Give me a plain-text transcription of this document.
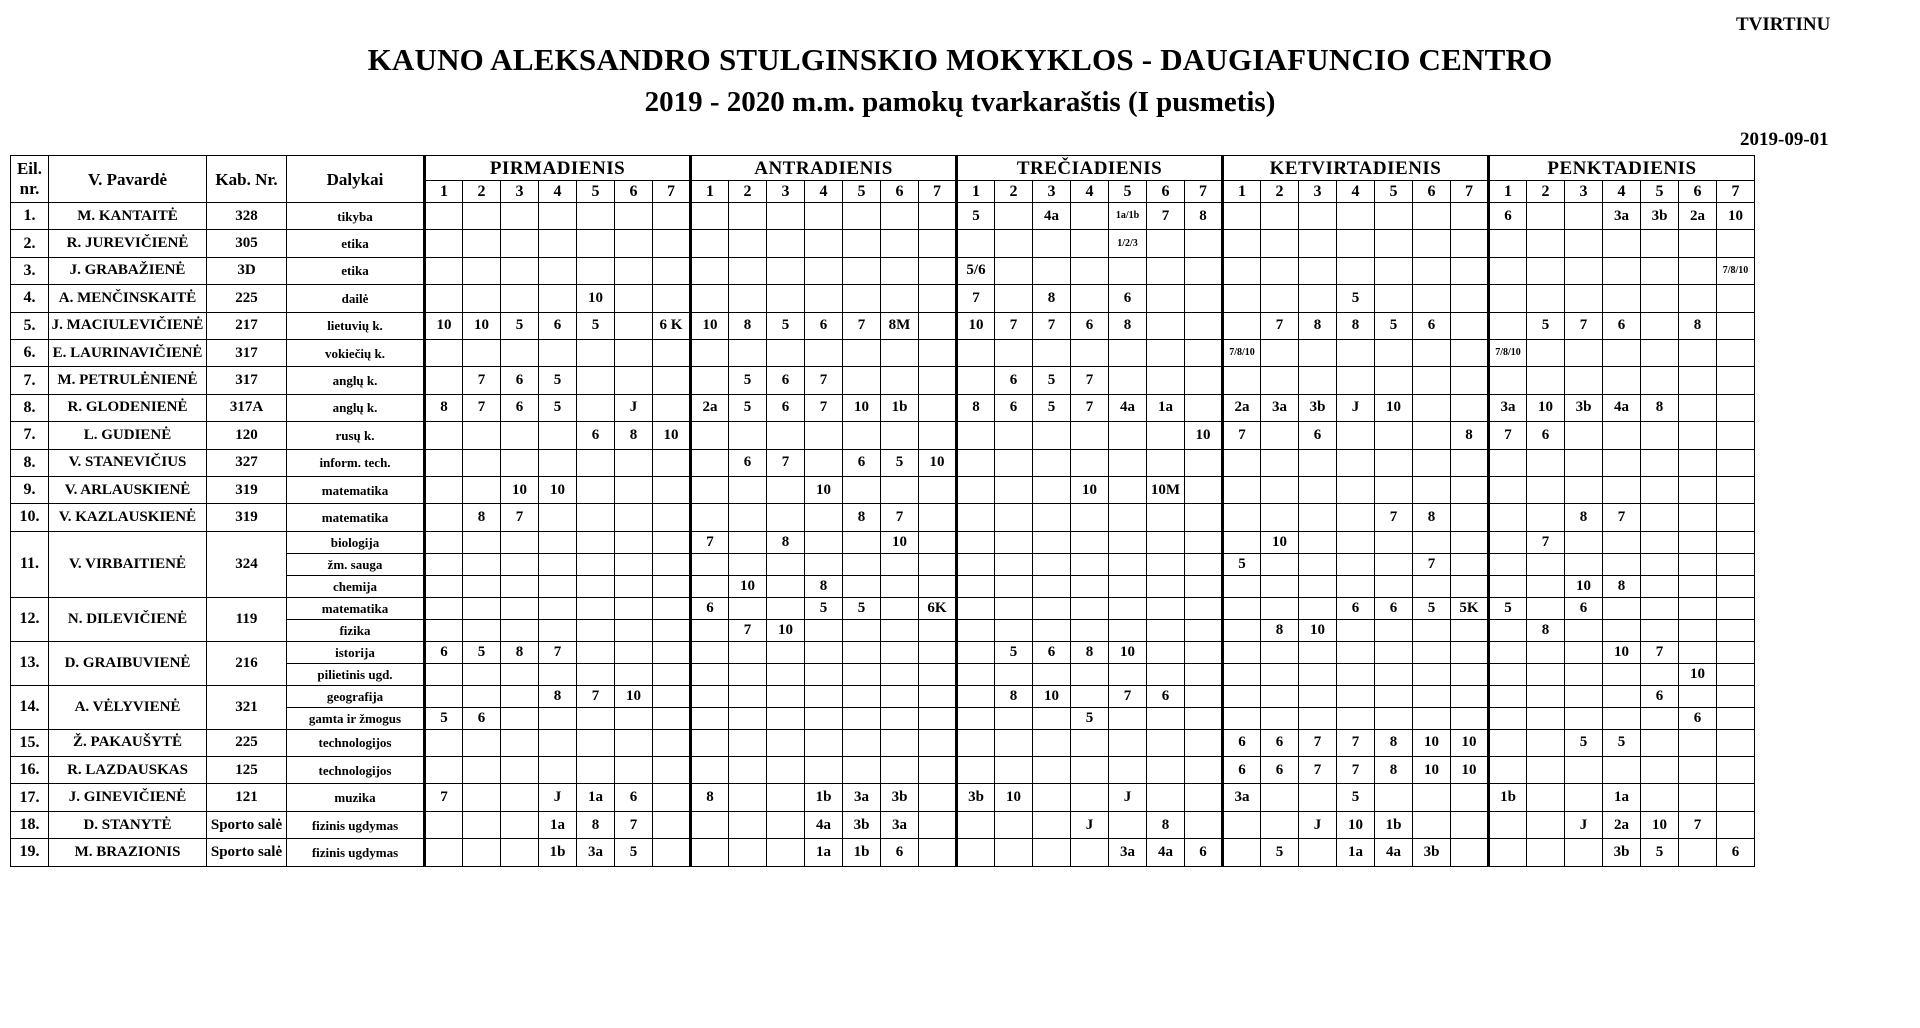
TVIRTINU
KAUNO ALEKSANDRO STULGINSKIO MOKYKLOS - DAUGIAFUNCIO CENTRO
2019 - 2020 m.m. pamokų tvarkaraštis (I pusmetis)
2019-09-01
Eil. nr.	V. Pavardė	Kab. Nr.	Dalykai	PIRMADIENIS							ANTRADIENIS							TREČIADIENIS							KETVIRTADIENIS							PENKTADIENIS						
				1	2	3	4	5	6	7	1	2	3	4	5	6	7	1	2	3	4	5	6	7	1	2	3	4	5	6	7	1	2	3	4	5	6	7
1.	M. KANTAITĖ	328	tikyba															5		4a		1a/1b	7	8								6			3a	3b	2a	10
2.	R. JUREVIČIENĖ	305	etika																			1/2/3																
3.	J. GRABAŽIENĖ	3D	etika															5/6																				7/8/10
4.	A. MENČINSKAITĖ	225	dailė					10										7		8		6						5										
5.	J. MACIULEVIČIENĖ	217	lietuvių k.	10	10	5	6	5		6 K	10	8	5	6	7	8M		10	7	7	6	8				7	8	8	5	6			5	7	6		8	
6.	E. LAURINAVIČIENĖ	317	vokiečių k.																						7/8/10							7/8/10						
7.	M. PETRULĖNIENĖ	317	anglų k.		7	6	5					5	6	7					6	5	7																	
8.	R. GLODENIENĖ	317A	anglų k.	8	7	6	5		J		2a	5	6	7	10	1b		8	6	5	7	4a	1a		2a	3a	3b	J	10			3a	10	3b	4a	8		
7.	L. GUDIENĖ	120	rusų k.					6	8	10														10	7		6				8	7	6					
8.	V. STANEVIČIUS	327	inform. tech.									6	7		6	5	10																					
9.	V. ARLAUSKIENĖ	319	matematika			10	10							10							10		10M															
10.	V. KAZLAUSKIENĖ	319	matematika		8	7									8	7													7	8				8	7			
11.	V. VIRBAITIENĖ	324	biologija								7		8			10										10							7					
			žm. sauga																						5					7								
			chemija									10		8																				10	8			
12.	N. DILEVIČIENĖ	119	matematika								6			5	5		6K											6	6	5	5K	5		6				
			fizika									7	10													8	10						8					
13.	D. GRAIBUVIENĖ	216	istorija	6	5	8	7												5	6	8	10													10	7		
			pilietinis ugd.																																		10	
14.	A. VĖLYVIENĖ	321	geografija				8	7	10										8	10		7	6													6		
			gamta ir žmogus	5	6																5																6	
15.	Ž. PAKAUŠYTĖ	225	technologijos																						6	6	7	7	8	10	10			5	5			
16.	R. LAZDAUSKAS	125	technologijos																						6	6	7	7	8	10	10							
17.	J. GINEVIČIENĖ	121	muzika	7			J	1a	6		8			1b	3a	3b		3b	10			J			3a			5				1b			1a			
18.	D. STANYTĖ	Sporto salė	fizinis ugdymas				1a	8	7					4a	3b	3a					J		8				J	10	1b					J	2a	10	7	
19.	M. BRAZIONIS	Sporto salė	fizinis ugdymas				1b	3a	5					1a	1b	6						3a	4a	6		5		1a	4a	3b					3b	5		6
